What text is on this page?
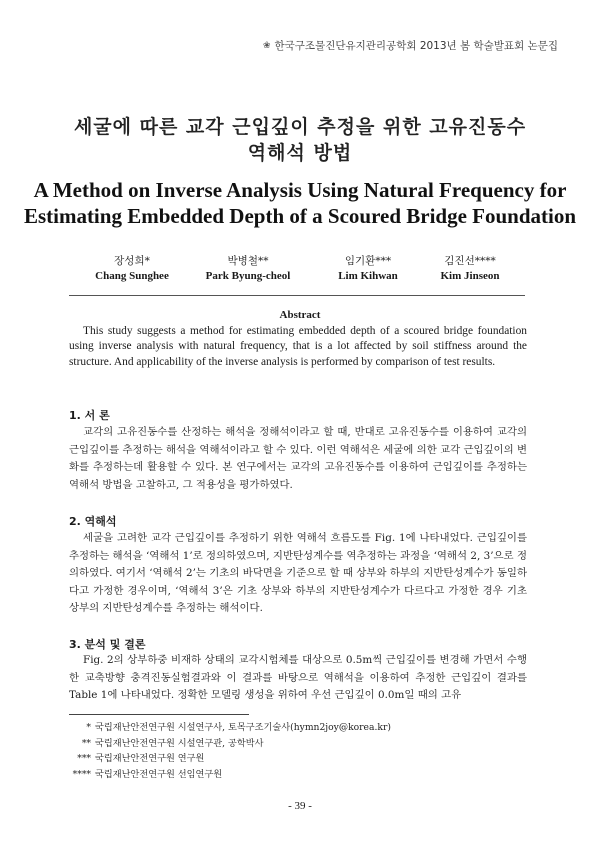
❀ 한국구조물진단유지관리공학회 2013년 봄 학술발표회 논문집
세굴에 따른 교각 근입깊이 추정을 위한 고유진동수
역해석 방법
A Method on Inverse Analysis Using Natural Frequency for
Estimating Embedded Depth of a Scoured Bridge Foundation
장성희*
Chang Sunghee
박병철**
Park Byung-cheol
임기환***
Lim Kihwan
김진선****
Kim Jinseon
Abstract

This study suggests a method for estimating embedded depth of a scoured bridge foundation using inverse analysis with natural frequency, that is a lot affected by soil stiffness around the structure. And applicability of the inverse analysis is performed by comparison of test results.

1. 서 론

교각의 고유진동수를 산정하는 해석을 정해석이라고 할 때, 반대로 고유진동수를 이용하여 교각의 근입깊이를 추정하는 해석을 역해석이라고 할 수 있다. 이런 역해석은 세굴에 의한 교각 근입깊이의 변화를 추정하는데 활용할 수 있다. 본 연구에서는 교각의 고유진동수를 이용하여 근입깊이를 추정하는 역해석 방법을 고찰하고, 그 적용성을 평가하였다.

2. 역해석

세굴을 고려한 교각 근입깊이를 추정하기 위한 역해석 흐름도를 Fig. 1에 나타내었다. 근입깊이를 추정하는 해석을 ‘역해석 1’로 정의하였으며, 지반탄성계수를 역추정하는 과정을 ‘역해석 2, 3’으로 정의하였다. 여기서 ‘역해석 2’는 기초의 바닥면을 기준으로 할 때 상부와 하부의 지반탄성계수가 동일하다고 가정한 경우이며, ‘역해석 3’은 기초 상부와 하부의 지반탄성계수가 다르다고 가정한 경우 기초 상부의 지반탄성계수를 추정하는 해석이다.

3. 분석 및 결론

Fig. 2의 상부하중 비재하 상태의 교각시험체를 대상으로 0.5m씩 근입깊이를 변경해 가면서 수행한 교축방향 충격진동실험결과와 이 결과를 바탕으로 역해석을 이용하여 추정한 근입깊이 결과를 Table 1에 나타내었다. 정확한 모델링 생성을 위하여 우선 근입깊이 0.0m일 때의 고유

* 국립재난안전연구원 시설연구사, 토목구조기술사(hymn2joy@korea.kr)
** 국립재난안전연구원 시설연구관, 공학박사
*** 국립재난안전연구원 연구원
**** 국립재난안전연구원 선임연구원
- 39 -
